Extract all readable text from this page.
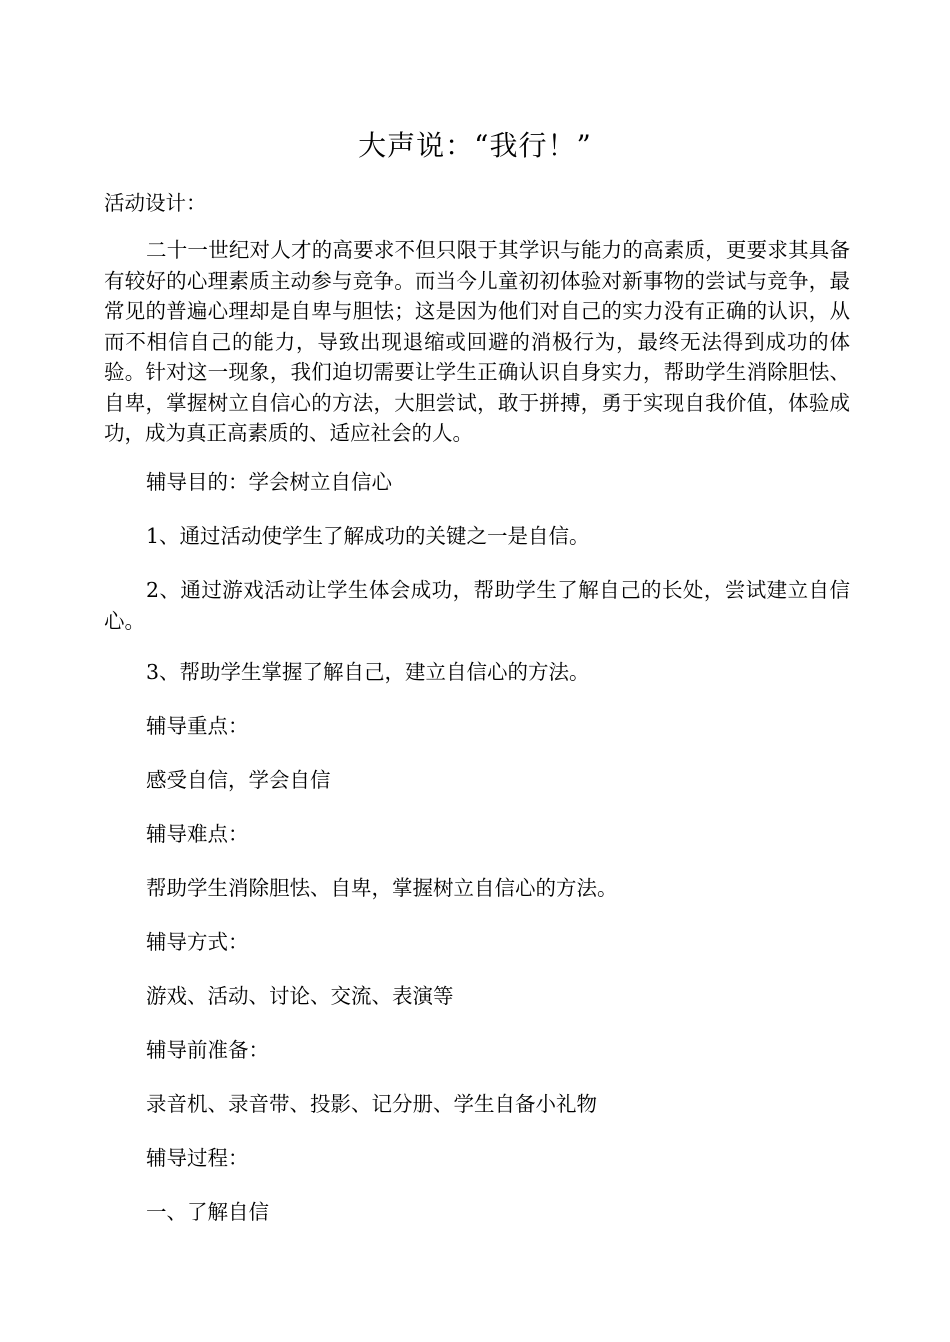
大声说：“我行！”
活动设计：
二十一世纪对人才的高要求不但只限于其学识与能力的高素质，更要求其具备有较好的心理素质主动参与竞争。而当今儿童初初体验对新事物的尝试与竞争，最常见的普遍心理却是自卑与胆怯；这是因为他们对自己的实力没有正确的认识，从而不相信自己的能力，导致出现退缩或回避的消极行为，最终无法得到成功的体验。针对这一现象，我们迫切需要让学生正确认识自身实力，帮助学生消除胆怯、自卑，掌握树立自信心的方法，大胆尝试，敢于拼搏，勇于实现自我价值，体验成功，成为真正高素质的、适应社会的人。
辅导目的：学会树立自信心
1、通过活动使学生了解成功的关键之一是自信。
2、通过游戏活动让学生体会成功，帮助学生了解自己的长处，尝试建立自信心。
3、帮助学生掌握了解自己，建立自信心的方法。
辅导重点：
感受自信，学会自信
辅导难点：
帮助学生消除胆怯、自卑，掌握树立自信心的方法。
辅导方式：
游戏、活动、讨论、交流、表演等
辅导前准备：
录音机、录音带、投影、记分册、学生自备小礼物
辅导过程：
一、了解自信
